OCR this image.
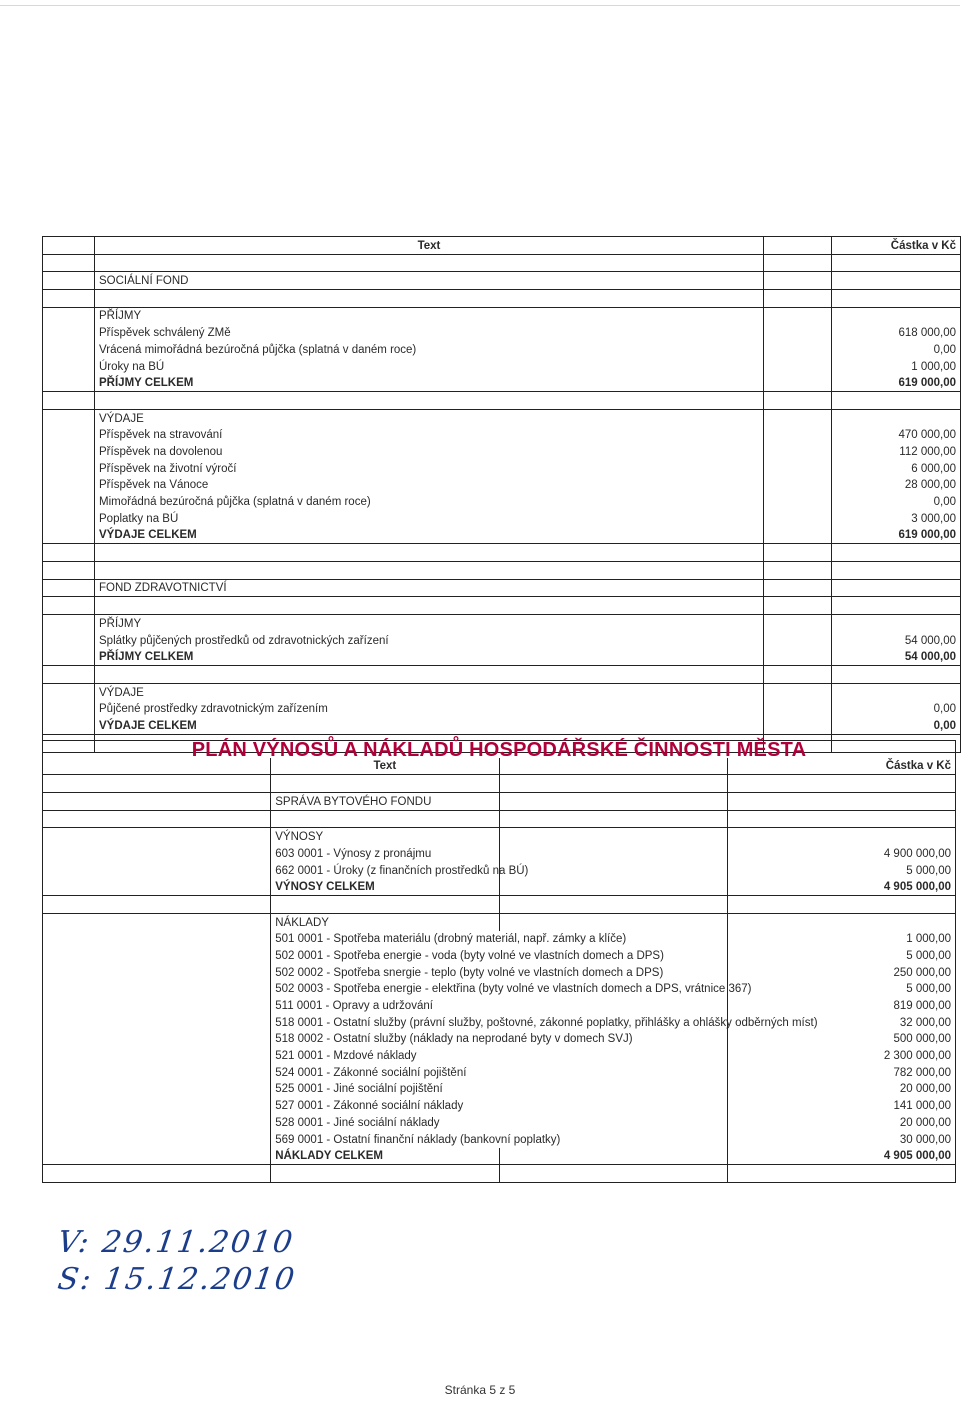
	Text		Částka v Kč

	SOCIÁLNÍ FOND		

	PŘÍJMY		
	Příspěvek schválený ZMě		618 000,00
	Vrácená mimořádná bezúročná půjčka (splatná v daném roce)		0,00
	Úroky na BÚ		1 000,00
	PŘÍJMY CELKEM		619 000,00

	VÝDAJE		
	Příspěvek na stravování		470 000,00
	Příspěvek na dovolenou		112 000,00
	Příspěvek na životní výročí		6 000,00
	Příspěvek na Vánoce		28 000,00
	Mimořádná bezúročná půjčka (splatná v daném roce)		0,00
	Poplatky na BÚ		3 000,00
	VÝDAJE CELKEM		619 000,00

	FOND ZDRAVOTNICTVÍ		

	PŘÍJMY		
	Splátky půjčených prostředků od zdravotnických zařízení		54 000,00
	PŘÍJMY CELKEM		54 000,00

	VÝDAJE		
	Půjčené prostředky zdravotnickým zařízením		0,00
	VÝDAJE CELKEM		0,00

PLÁN VÝNOSŮ A NÁKLADŮ HOSPODÁŘSKÉ ČINNOSTI MĚSTA			
	Text		Částka v Kč

	SPRÁVA BYTOVÉHO FONDU		

	VÝNOSY		
	603 0001 - Výnosy z pronájmu		4 900 000,00
	662 0001 - Úroky (z finančních prostředků na BÚ)		5 000,00
	VÝNOSY CELKEM		4 905 000,00

	NÁKLADY		
	501 0001 - Spotřeba materiálu (drobný materiál, např. zámky a klíče)		1 000,00
	502 0001 - Spotřeba energie - voda (byty volné ve vlastních domech a DPS)		5 000,00
	502 0002 - Spotřeba snergie - teplo (byty volné ve vlastních domech a DPS)		250 000,00
	502 0003 - Spotřeba energie - elektřina (byty volné ve vlastních domech a DPS, vrátnice 367)		5 000,00
	511 0001 - Opravy a udržování		819 000,00
	518 0001 - Ostatní služby (právní služby, poštovné, zákonné poplatky, přihlášky a ohlášky odběrných míst)		32 000,00
	518 0002 - Ostatní služby (náklady na neprodané byty v domech SVJ)		500 000,00
	521 0001 - Mzdové náklady		2 300 000,00
	524 0001 - Zákonné sociální pojištění		782 000,00
	525 0001 - Jiné sociální pojištění		20 000,00
	527 0001 - Zákonné sociální náklady		141 000,00
	528 0001 - Jiné sociální náklady		20 000,00
	569 0001 - Ostatní finanční náklady (bankovní poplatky)		30 000,00
	NÁKLADY CELKEM		4 905 000,00

V: 29.11.2010
S: 15.12.2010
Stránka 5 z 5
